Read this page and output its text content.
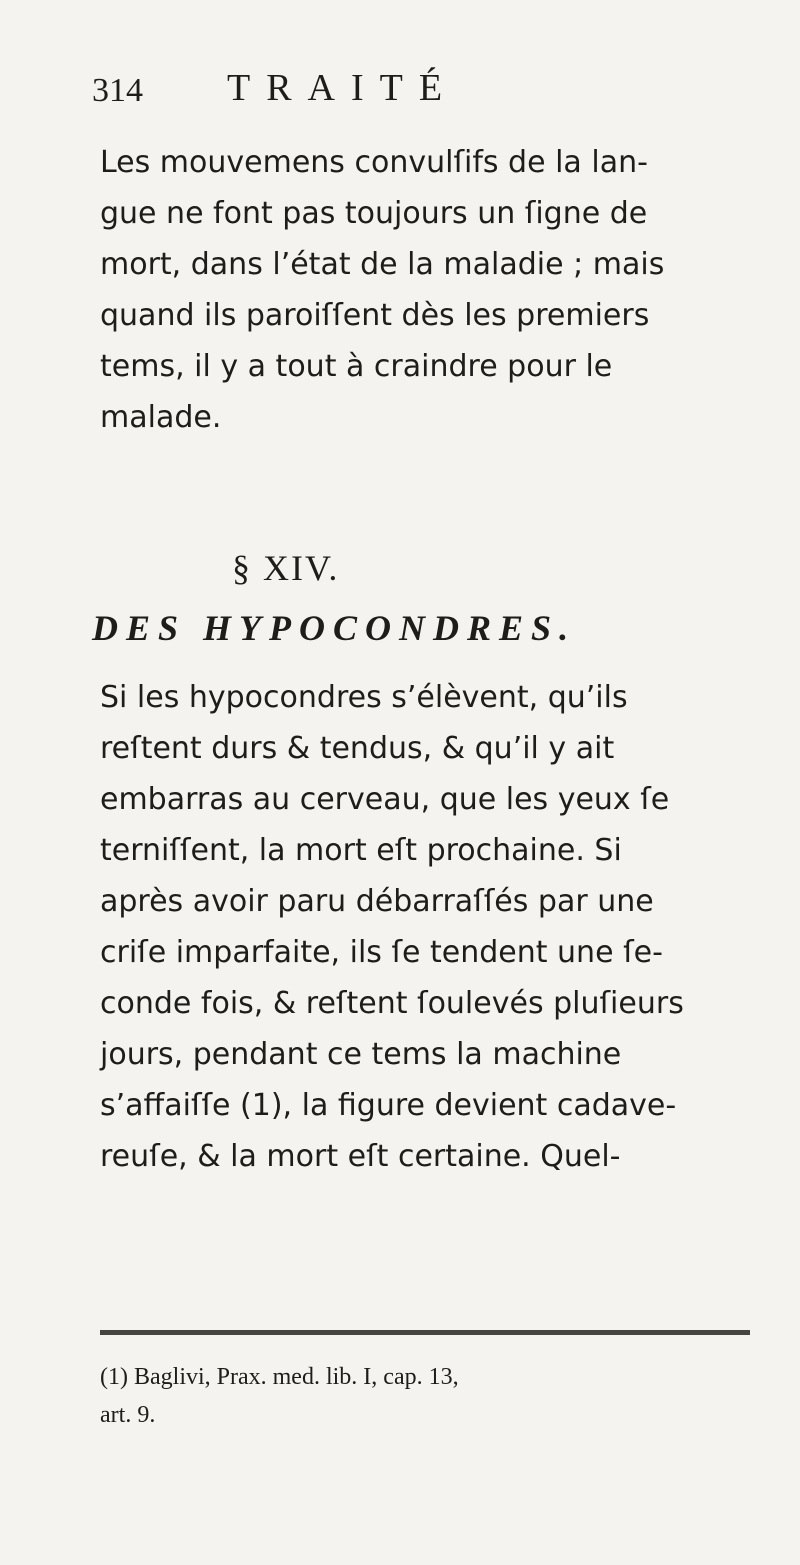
314 TRAITÉ
Les mouvemens convulſifs de la lan-
gue ne font pas toujours un ſigne de
mort, dans l’état de la maladie ; mais
quand ils paroiſſent dès les premiers
tems, il y a tout à craindre pour le
malade.
§ XIV.
DES HYPOCONDRES.
Si les hypocondres s’élèvent, qu’ils
reſtent durs & tendus, & qu’il y ait
embarras au cerveau, que les yeux ſe
terniſſent, la mort eſt prochaine. Si
après avoir paru débarraſſés par une
criſe imparfaite, ils ſe tendent une ſe-
conde fois, & reſtent ſoulevés pluſieurs
jours, pendant ce tems la machine
s’affaiſſe (1), la figure devient cadave-
reuſe, & la mort eſt certaine. Quel-
(1) Baglivi, Prax. med. lib. I, cap. 13,
art. 9.
